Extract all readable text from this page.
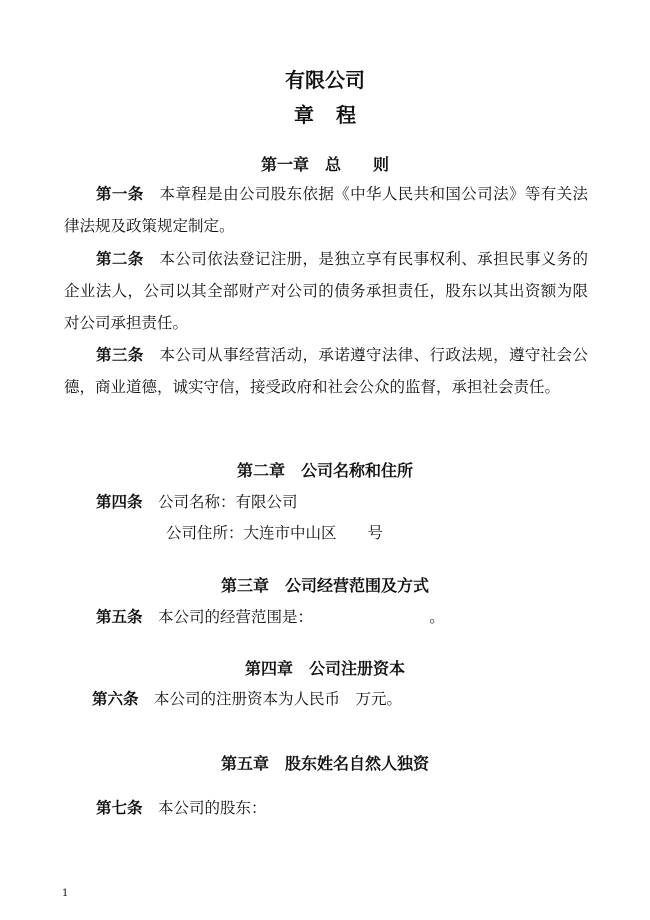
有限公司
章程
第一章　总　　则
第一条　本章程是由公司股东依据《中华人民共和国公司法》等有关法律法规及政策规定制定。
第二条　本公司依法登记注册，是独立享有民事权利、承担民事义务的企业法人，公司以其全部财产对公司的债务承担责任，股东以其出资额为限对公司承担责任。
第三条　本公司从事经营活动，承诺遵守法律、行政法规，遵守社会公德，商业道德，诚实守信，接受政府和社会公众的监督，承担社会责任。
第二章　公司名称和住所
第四条　公司名称：有限公司
公司住所：大连市中山区　　号
第三章　公司经营范围及方式
第五条　本公司的经营范围是：　　　　　　　　。
第四章　公司注册资本
第六条　本公司的注册资本为人民币　万元。
第五章　股东姓名自然人独资
第七条　本公司的股东：
1
